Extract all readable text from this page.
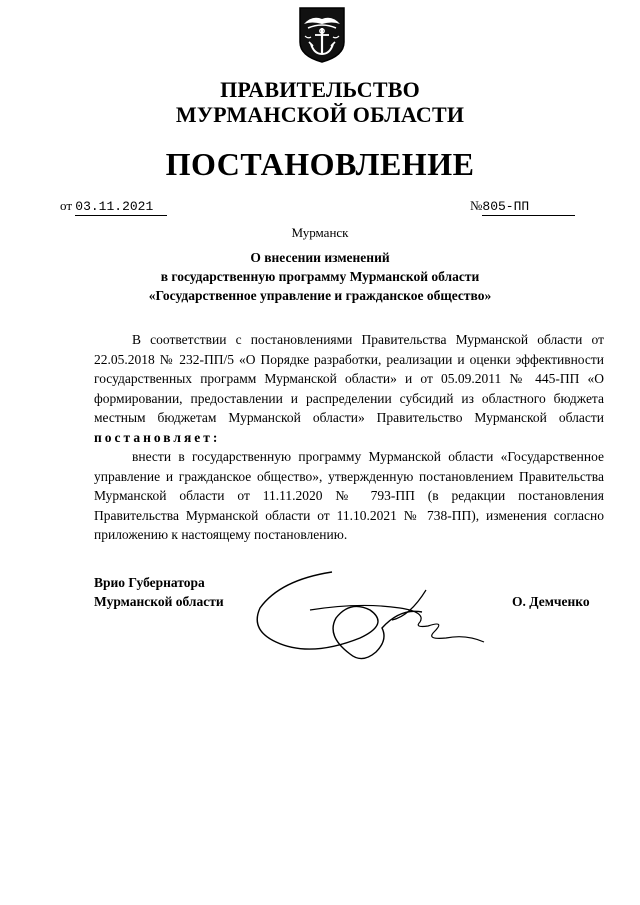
ПРАВИТЕЛЬСТВО
МУРМАНСКОЙ ОБЛАСТИ
ПОСТАНОВЛЕНИЕ
от 03.11.2021	№805-ПП
Мурманск
О внесении изменений
в государственную программу Мурманской области
«Государственное управление и гражданское общество»

В соответствии с постановлениями Правительства Мурманской области от 22.05.2018 № 232-ПП/5 «О Порядке разработки, реализации и оценки эффективности государственных программ Мурманской области» и от 05.09.2011 № 445-ПП «О формировании, предоставлении и распределении субсидий из областного бюджета местным бюджетам Мурманской области» Правительство Мурманской области постановляет:

внести в государственную программу Мурманской области «Государственное управление и гражданское общество», утвержденную постановлением Правительства Мурманской области от 11.11.2020 № 793-ПП (в редакции постановления Правительства Мурманской области от 11.10.2021 № 738-ПП), изменения согласно приложению к настоящему постановлению.

Врио Губернатора
Мурманской области	О. Демченко
